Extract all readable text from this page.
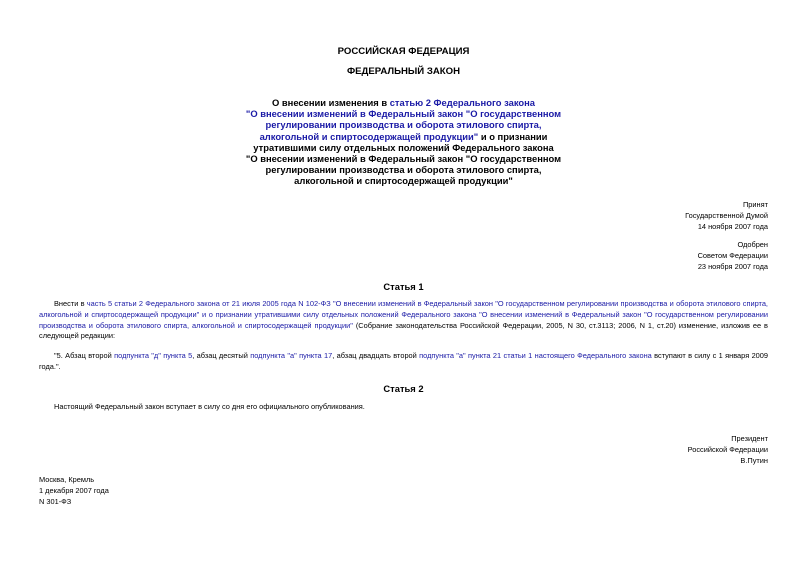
РОССИЙСКАЯ ФЕДЕРАЦИЯ
ФЕДЕРАЛЬНЫЙ ЗАКОН
О внесении изменения в статью 2 Федерального закона
"О внесении изменений в Федеральный закон "О государственном
регулировании производства и оборота этилового спирта,
алкогольной и спиртосодержащей продукции" и о признании
утратившими силу отдельных положений Федерального закона
"О внесении изменений в Федеральный закон "О государственном
регулировании производства и оборота этилового спирта,
алкогольной и спиртосодержащей продукции"
Принят
Государственной Думой
14 ноября 2007 года
Одобрен
Советом Федерации
23 ноября 2007 года
Статья 1
Внести в часть 5 статьи 2 Федерального закона от 21 июля 2005 года N 102-ФЗ "О внесении изменений в Федеральный закон "О государственном регулировании производства и оборота этилового спирта, алкогольной и спиртосодержащей продукции" и о признании утратившими силу отдельных положений Федерального закона "О внесении изменений в Федеральный закон "О государственном регулировании производства и оборота этилового спирта, алкогольной и спиртосодержащей продукции" (Собрание законодательства Российской Федерации, 2005, N 30, ст.3113; 2006, N 1, ст.20) изменение, изложив ее в следующей редакции:
"5. Абзац второй подпункта "д" пункта 5, абзац десятый подпункта "а" пункта 17, абзац двадцать второй подпункта "а" пункта 21 статьи 1 настоящего Федерального закона вступают в силу с 1 января 2009 года.".
Статья 2
Настоящий Федеральный закон вступает в силу со дня его официального опубликования.
Президент
Российской Федерации
В.Путин
Москва, Кремль
1 декабря 2007 года
N 301-ФЗ
